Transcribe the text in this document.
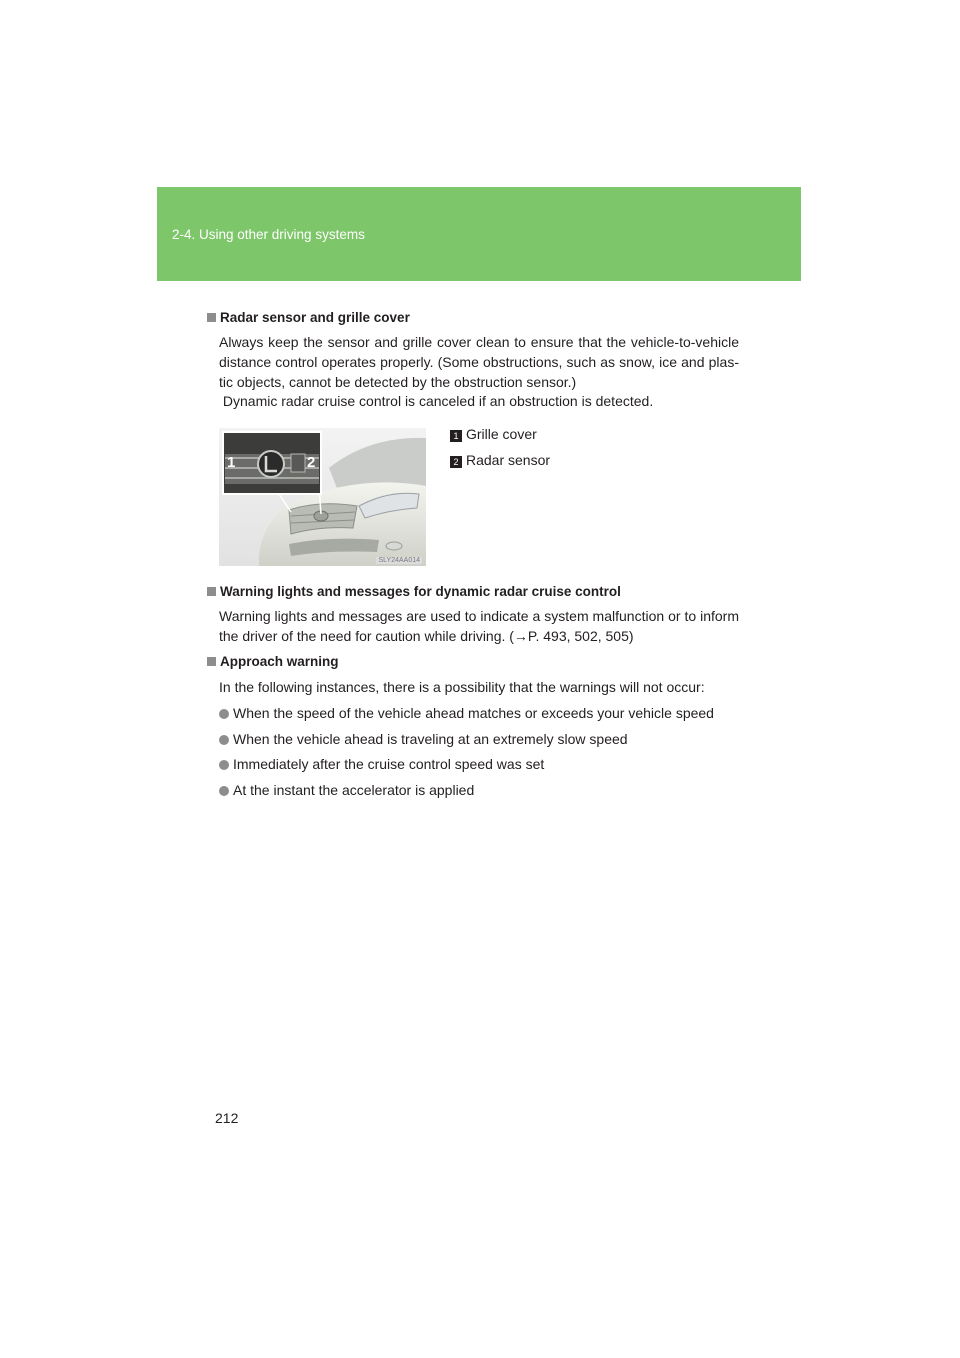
2-4. Using other driving systems
Radar sensor and grille cover
Always keep the sensor and grille cover clean to ensure that the vehicle-to-vehicle
distance control operates properly. (Some obstructions, such as snow, ice and plas-
tic objects, cannot be detected by the obstruction sensor.)
Dynamic radar cruise control is canceled if an obstruction is detected.
1	2
SLY24AA014
1 Grille cover
2 Radar sensor
Warning lights and messages for dynamic radar cruise control
Warning lights and messages are used to indicate a system malfunction or to inform
the driver of the need for caution while driving. (→P. 493, 502, 505)
Approach warning
In the following instances, there is a possibility that the warnings will not occur:
When the speed of the vehicle ahead matches or exceeds your vehicle speed
When the vehicle ahead is traveling at an extremely slow speed
Immediately after the cruise control speed was set
At the instant the accelerator is applied
212
